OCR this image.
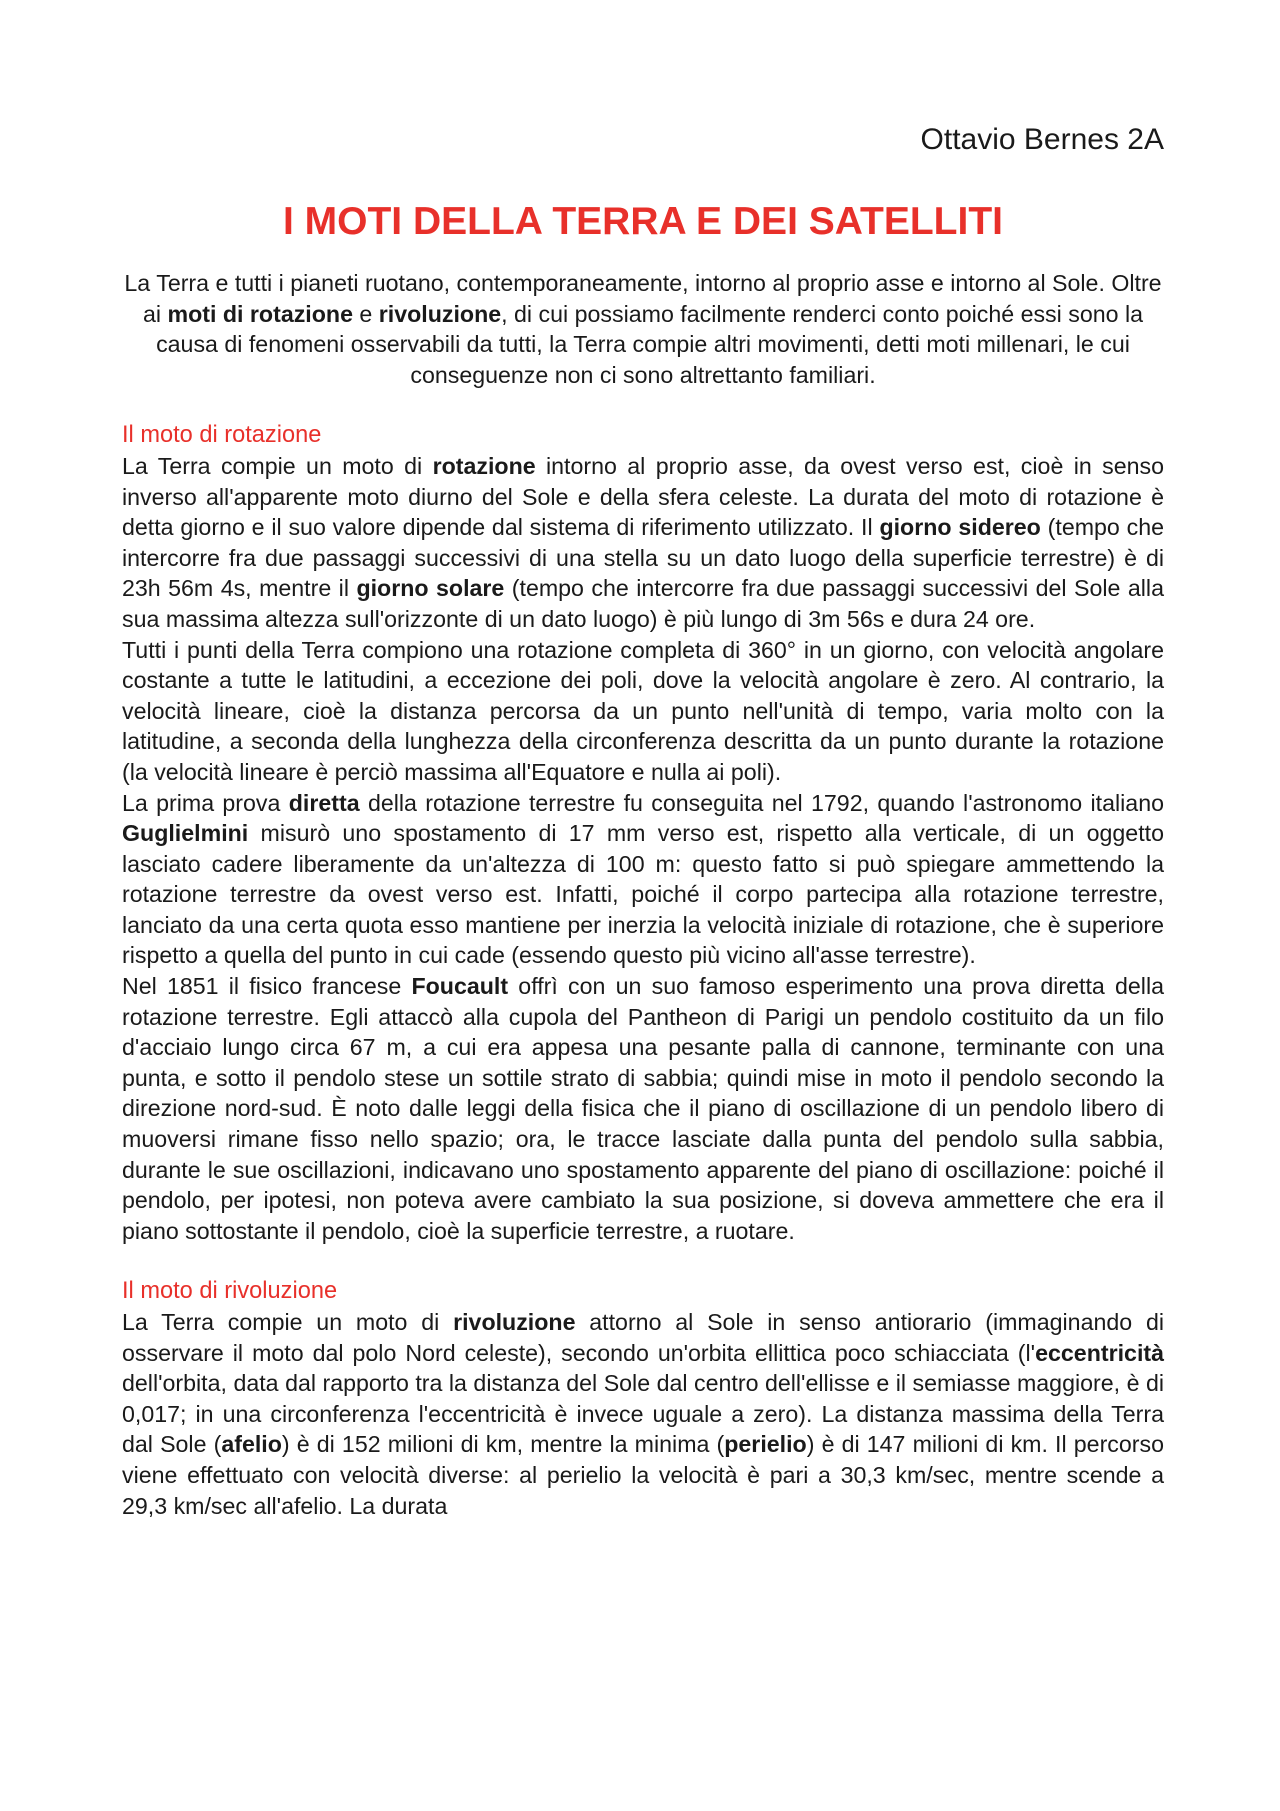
Ottavio Bernes 2A

I MOTI DELLA TERRA E DEI SATELLITI

La Terra e tutti i pianeti ruotano, contemporaneamente, intorno al proprio asse e intorno al Sole. Oltre ai moti di rotazione e rivoluzione, di cui possiamo facilmente renderci conto poiché essi sono la causa di fenomeni osservabili da tutti, la Terra compie altri movimenti, detti moti millenari, le cui conseguenze non ci sono altrettanto familiari.

Il moto di rotazione

La Terra compie un moto di rotazione intorno al proprio asse, da ovest verso est, cioè in senso inverso all'apparente moto diurno del Sole e della sfera celeste. La durata del moto di rotazione è detta giorno e il suo valore dipende dal sistema di riferimento utilizzato. Il giorno sidereo (tempo che intercorre fra due passaggi successivi di una stella su un dato luogo della superficie terrestre) è di 23h 56m 4s, mentre il giorno solare (tempo che intercorre fra due passaggi successivi del Sole alla sua massima altezza sull'orizzonte di un dato luogo) è più lungo di 3m 56s e dura 24 ore.

Tutti i punti della Terra compiono una rotazione completa di 360° in un giorno, con velocità angolare costante a tutte le latitudini, a eccezione dei poli, dove la velocità angolare è zero. Al contrario, la velocità lineare, cioè la distanza percorsa da un punto nell'unità di tempo, varia molto con la latitudine, a seconda della lunghezza della circonferenza descritta da un punto durante la rotazione (la velocità lineare è perciò massima all'Equatore e nulla ai poli).

La prima prova diretta della rotazione terrestre fu conseguita nel 1792, quando l'astronomo italiano Guglielmini misurò uno spostamento di 17 mm verso est, rispetto alla verticale, di un oggetto lasciato cadere liberamente da un'altezza di 100 m: questo fatto si può spiegare ammettendo la rotazione terrestre da ovest verso est. Infatti, poiché il corpo partecipa alla rotazione terrestre, lanciato da una certa quota esso mantiene per inerzia la velocità iniziale di rotazione, che è superiore rispetto a quella del punto in cui cade (essendo questo più vicino all'asse terrestre).

Nel 1851 il fisico francese Foucault offrì con un suo famoso esperimento una prova diretta della rotazione terrestre. Egli attaccò alla cupola del Pantheon di Parigi un pendolo costituito da un filo d'acciaio lungo circa 67 m, a cui era appesa una pesante palla di cannone, terminante con una punta, e sotto il pendolo stese un sottile strato di sabbia; quindi mise in moto il pendolo secondo la direzione nord-sud. È noto dalle leggi della fisica che il piano di oscillazione di un pendolo libero di muoversi rimane fisso nello spazio; ora, le tracce lasciate dalla punta del pendolo sulla sabbia, durante le sue oscillazioni, indicavano uno spostamento apparente del piano di oscillazione: poiché il pendolo, per ipotesi, non poteva avere cambiato la sua posizione, si doveva ammettere che era il piano sottostante il pendolo, cioè la superficie terrestre, a ruotare.

Il moto di rivoluzione

La Terra compie un moto di rivoluzione attorno al Sole in senso antiorario (immaginando di osservare il moto dal polo Nord celeste), secondo un'orbita ellittica poco schiacciata (l'eccentricità dell'orbita, data dal rapporto tra la distanza del Sole dal centro dell'ellisse e il semiasse maggiore, è di 0,017; in una circonferenza l'eccentricità è invece uguale a zero). La distanza massima della Terra dal Sole (afelio) è di 152 milioni di km, mentre la minima (perielio) è di 147 milioni di km. Il percorso viene effettuato con velocità diverse: al perielio la velocità è pari a 30,3 km/sec, mentre scende a 29,3 km/sec all'afelio. La durata
